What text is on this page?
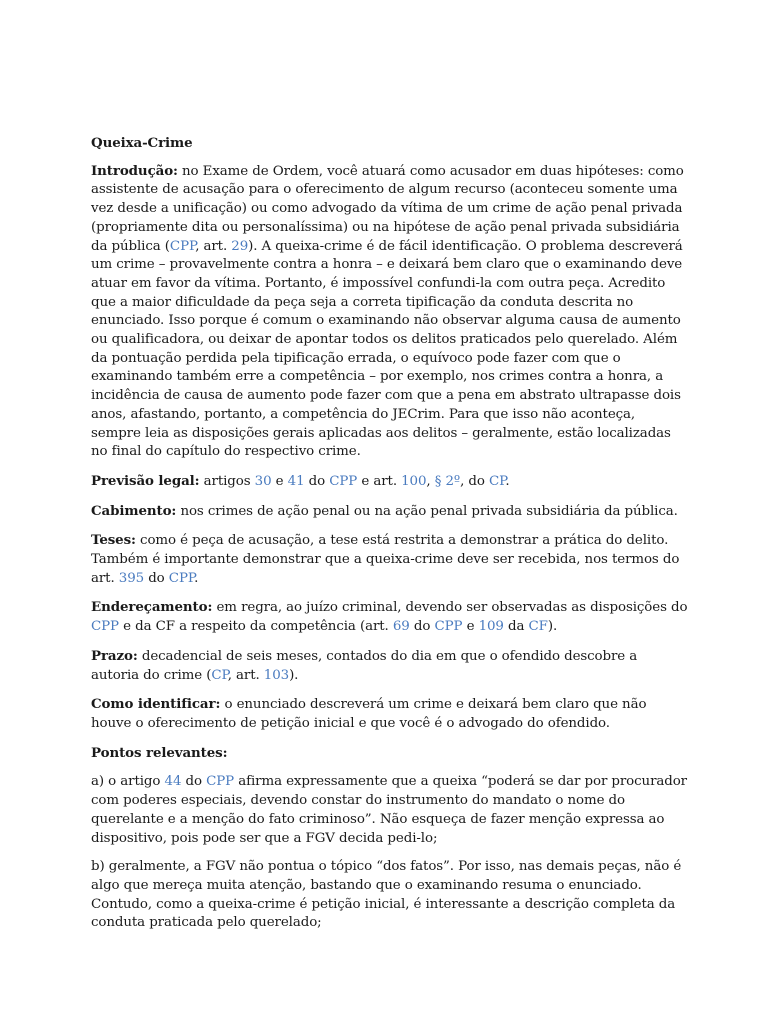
Queixa-Crime

Introdução: no Exame de Ordem, você atuará como acusador em duas hipóteses: como assistente de acusação para o oferecimento de algum recurso (aconteceu somente uma vez desde a unificação) ou como advogado da vítima de um crime de ação penal privada (propriamente dita ou personalíssima) ou na hipótese de ação penal privada subsidiária da pública (CPP, art. 29). A queixa-crime é de fácil identificação. O problema descreverá um crime – provavelmente contra a honra – e deixará bem claro que o examinando deve atuar em favor da vítima. Portanto, é impossível confundi-la com outra peça. Acredito que a maior dificuldade da peça seja a correta tipificação da conduta descrita no enunciado. Isso porque é comum o examinando não observar alguma causa de aumento ou qualificadora, ou deixar de apontar todos os delitos praticados pelo querelado. Além da pontuação perdida pela tipificação errada, o equívoco pode fazer com que o examinando também erre a competência – por exemplo, nos crimes contra a honra, a incidência de causa de aumento pode fazer com que a pena em abstrato ultrapasse dois anos, afastando, portanto, a competência do JECrim. Para que isso não aconteça, sempre leia as disposições gerais aplicadas aos delitos – geralmente, estão localizadas no final do capítulo do respectivo crime.

Previsão legal: artigos 30 e 41 do CPP e art. 100, § 2º, do CP.

Cabimento: nos crimes de ação penal ou na ação penal privada subsidiária da pública.

Teses: como é peça de acusação, a tese está restrita a demonstrar a prática do delito. Também é importante demonstrar que a queixa-crime deve ser recebida, nos termos do art. 395 do CPP.

Endereçamento: em regra, ao juízo criminal, devendo ser observadas as disposições do CPP e da CF a respeito da competência (art. 69 do CPP e 109 da CF).

Prazo: decadencial de seis meses, contados do dia em que o ofendido descobre a autoria do crime (CP, art. 103).

Como identificar: o enunciado descreverá um crime e deixará bem claro que não houve o oferecimento de petição inicial e que você é o advogado do ofendido.

Pontos relevantes:

a) o artigo 44 do CPP afirma expressamente que a queixa “poderá se dar por procurador com poderes especiais, devendo constar do instrumento do mandato o nome do querelante e a menção do fato criminoso”. Não esqueça de fazer menção expressa ao dispositivo, pois pode ser que a FGV decida pedi-lo;

b) geralmente, a FGV não pontua o tópico “dos fatos”. Por isso, nas demais peças, não é algo que mereça muita atenção, bastando que o examinando resuma o enunciado. Contudo, como a queixa-crime é petição inicial, é interessante a descrição completa da conduta praticada pelo querelado;
